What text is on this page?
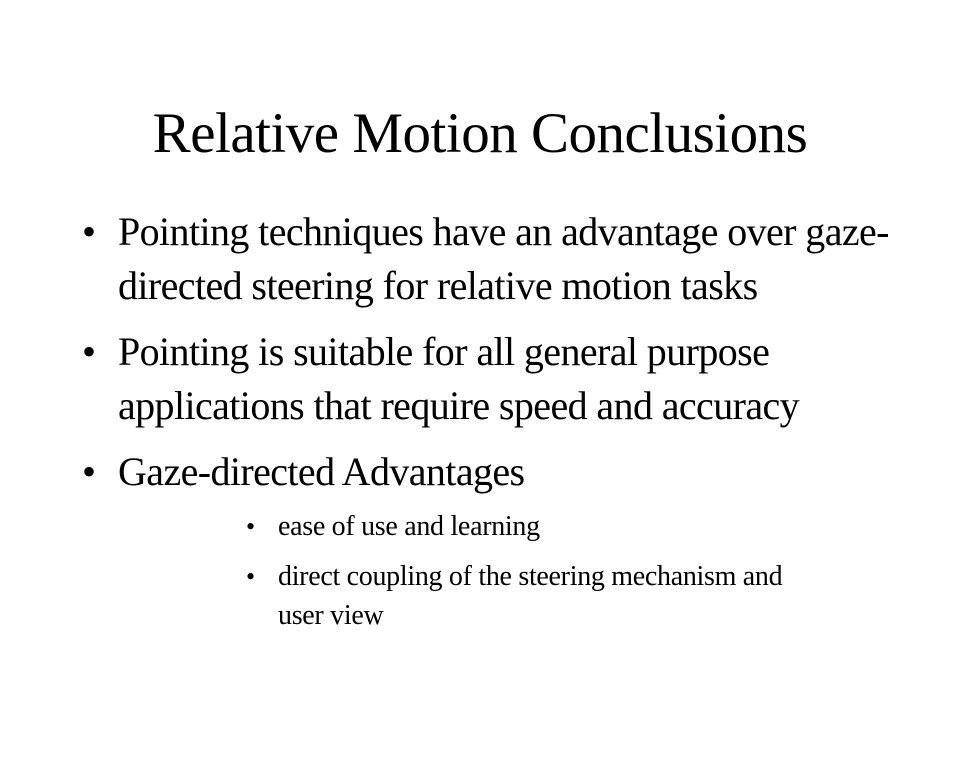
Relative Motion Conclusions
• Pointing techniques have an advantage over gaze-directed steering for relative motion tasks
• Pointing is suitable for all general purpose applications that require speed and accuracy
• Gaze-directed Advantages
• ease of use and learning
• direct coupling of the steering mechanism and user view
